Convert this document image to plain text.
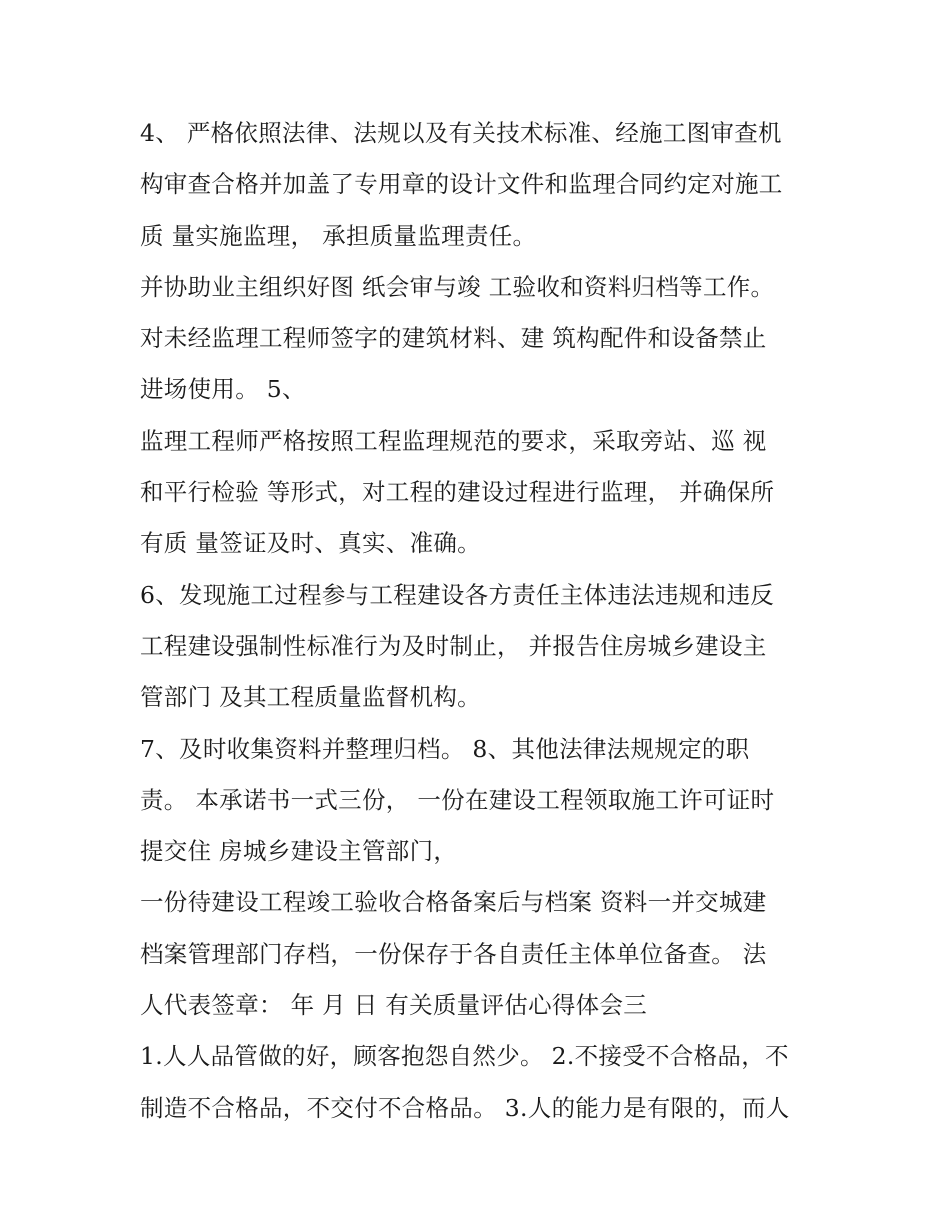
4、 严格依照法律、法规以及有关技术标准、经施工图审查机
构审查合格并加盖了专用章的设计文件和监理合同约定对施工
质 量实施监理， 承担质量监理责任。
并协助业主组织好图 纸会审与竣 工验收和资料归档等工作。
对未经监理工程师签字的建筑材料、建 筑构配件和设备禁止
进场使用。 5、
监理工程师严格按照工程监理规范的要求，采取旁站、巡 视
和平行检验 等形式，对工程的建设过程进行监理， 并确保所
有质 量签证及时、真实、准确。
6、发现施工过程参与工程建设各方责任主体违法违规和违反
工程建设强制性标准行为及时制止， 并报告住房城乡建设主
管部门 及其工程质量监督机构。
7、及时收集资料并整理归档。 8、其他法律法规规定的职
责。 本承诺书一式三份， 一份在建设工程领取施工许可证时
提交住 房城乡建设主管部门，
一份待建设工程竣工验收合格备案后与档案 资料一并交城建
档案管理部门存档，一份保存于各自责任主体单位备查。 法
人代表签章： 年 月 日 有关质量评估心得体会三
1.人人品管做的好，顾客抱怨自然少。 2.不接受不合格品，不
制造不合格品，不交付不合格品。 3.人的能力是有限的，而人
